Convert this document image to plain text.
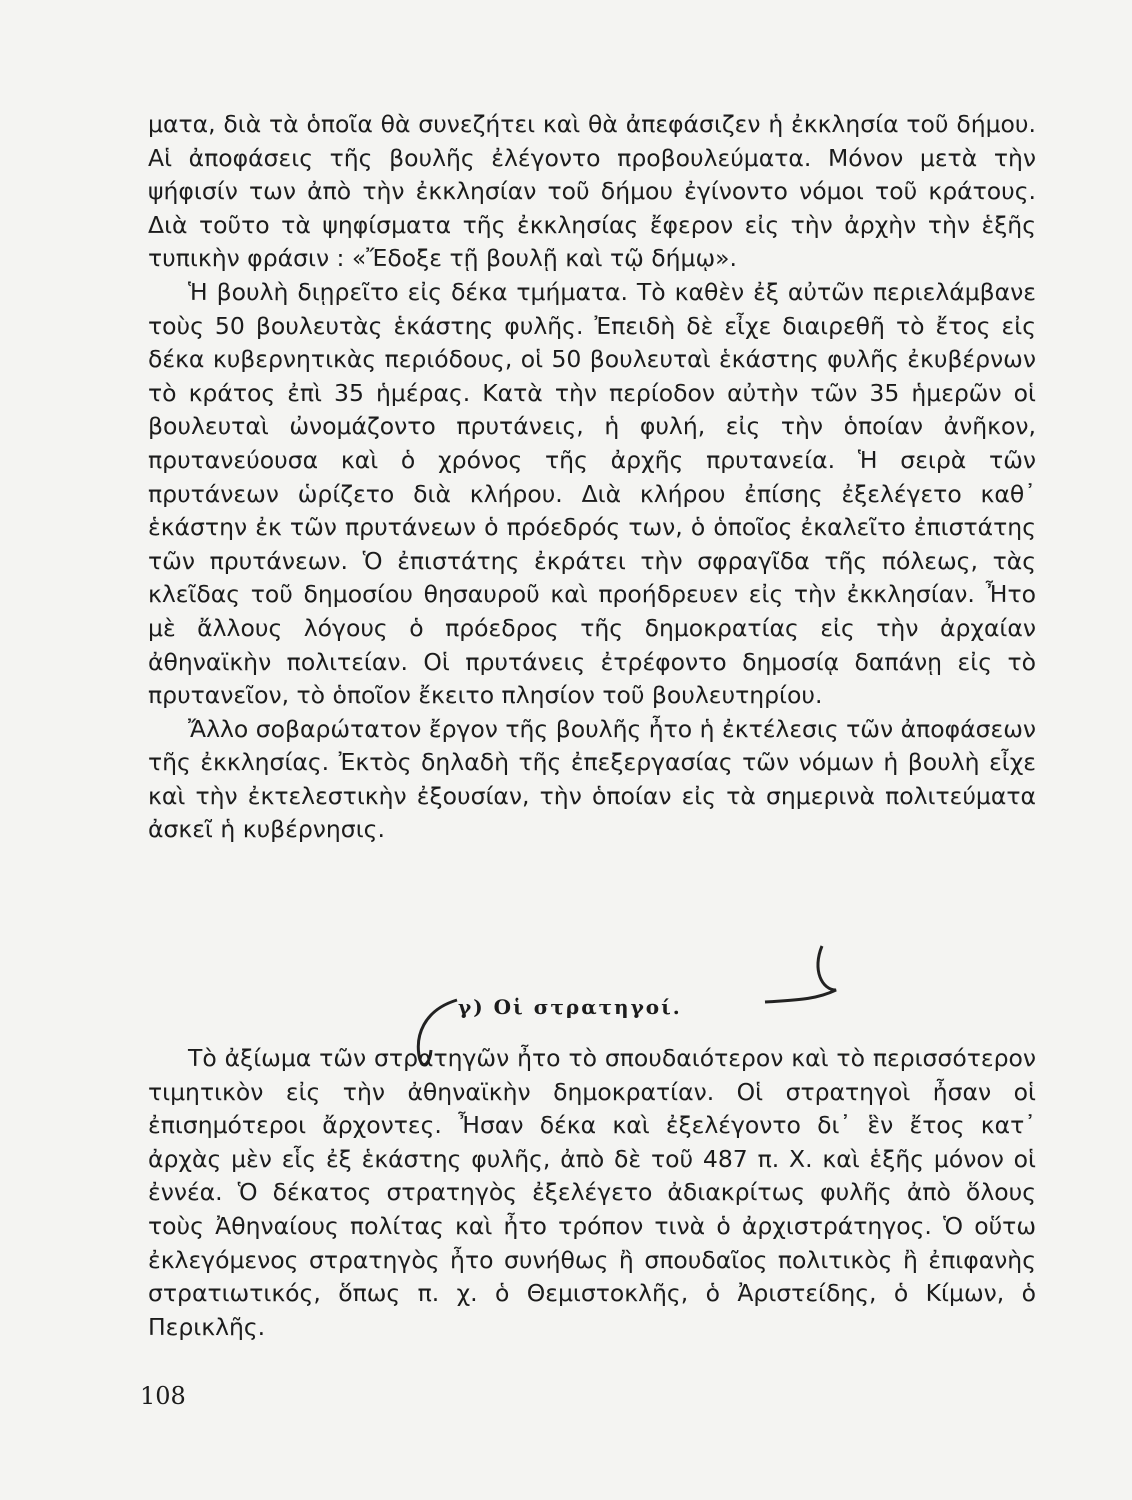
ματα, διὰ τὰ ὁποῖα θὰ συνεζήτει καὶ θὰ ἀπεφάσιζεν ἡ ἐκκλησία τοῦ δήμου. Αἱ ἀποφάσεις τῆς βουλῆς ἐλέγοντο προβουλεύματα. Μόνον μετὰ τὴν ψήφισίν των ἀπὸ τὴν ἐκκλησίαν τοῦ δήμου ἐγίνοντο νόμοι τοῦ κράτους. Διὰ τοῦτο τὰ ψηφίσματα τῆς ἐκκλησίας ἔφερον εἰς τὴν ἀρχὴν τὴν ἑξῆς τυπικὴν φράσιν : «Ἔδοξε τῇ βουλῇ καὶ τῷ δήμῳ».

Ἡ βουλὴ διῃρεῖτο εἰς δέκα τμήματα. Τὸ καθὲν ἐξ αὐτῶν περιελάμβανε τοὺς 50 βουλευτὰς ἑκάστης φυλῆς. Ἐπειδὴ δὲ εἶχε διαιρεθῆ τὸ ἔτος εἰς δέκα κυβερνητικὰς περιόδους, οἱ 50 βουλευταὶ ἑκάστης φυλῆς ἐκυβέρνων τὸ κράτος ἐπὶ 35 ἡμέρας. Κατὰ τὴν περίοδον αὐτὴν τῶν 35 ἡμερῶν οἱ βουλευταὶ ὠνομάζοντο πρυτάνεις, ἡ φυλή, εἰς τὴν ὁποίαν ἀνῆκον, πρυτανεύουσα καὶ ὁ χρόνος τῆς ἀρχῆς πρυτανεία. Ἡ σειρὰ τῶν πρυτάνεων ὡρίζετο διὰ κλήρου. Διὰ κλήρου ἐπίσης ἐξελέγετο καθ᾽ ἑκάστην ἐκ τῶν πρυτάνεων ὁ πρόεδρός των, ὁ ὁποῖος ἐκαλεῖτο ἐπιστάτης τῶν πρυτάνεων. Ὁ ἐπιστάτης ἐκράτει τὴν σφραγῖδα τῆς πόλεως, τὰς κλεῖδας τοῦ δημοσίου θησαυροῦ καὶ προήδρευεν εἰς τὴν ἐκκλησίαν. Ἦτο μὲ ἄλλους λόγους ὁ πρόεδρος τῆς δημοκρατίας εἰς τὴν ἀρχαίαν ἀθηναϊκὴν πολιτείαν. Οἱ πρυτάνεις ἐτρέφοντο δημοσίᾳ δαπάνῃ εἰς τὸ πρυτανεῖον, τὸ ὁποῖον ἔκειτο πλησίον τοῦ βουλευτηρίου.

Ἄλλο σοβαρώτατον ἔργον τῆς βουλῆς ἦτο ἡ ἐκτέλεσις τῶν ἀποφάσεων τῆς ἐκκλησίας. Ἐκτὸς δηλαδὴ τῆς ἐπεξεργασίας τῶν νόμων ἡ βουλὴ εἶχε καὶ τὴν ἐκτελεστικὴν ἐξουσίαν, τὴν ὁποίαν εἰς τὰ σημερινὰ πολιτεύματα ἀσκεῖ ἡ κυβέρνησις.

γ) Οἱ στρατηγοί.

Τὸ ἀξίωμα τῶν στρατηγῶν ἦτο τὸ σπουδαιότερον καὶ τὸ περισσότερον τιμητικὸν εἰς τὴν ἀθηναϊκὴν δημοκρατίαν. Οἱ στρατηγοὶ ἦσαν οἱ ἐπισημότεροι ἄρχοντες. Ἦσαν δέκα καὶ ἐξελέγοντο δι᾽ ἓν ἔτος κατ᾽ ἀρχὰς μὲν εἷς ἐξ ἑκάστης φυλῆς, ἀπὸ δὲ τοῦ 487 π. Χ. καὶ ἑξῆς μόνον οἱ ἐννέα. Ὁ δέκατος στρατηγὸς ἐξελέγετο ἀδιακρίτως φυλῆς ἀπὸ ὅλους τοὺς Ἀθηναίους πολίτας καὶ ἦτο τρόπον τινὰ ὁ ἀρχιστράτηγος. Ὁ οὕτω ἐκλεγόμενος στρατηγὸς ἦτο συνήθως ἢ σπουδαῖος πολιτικὸς ἢ ἐπιφανὴς στρατιωτικός, ὅπως π. χ. ὁ Θεμιστοκλῆς, ὁ Ἀριστείδης, ὁ Κίμων, ὁ Περικλῆς.

108
